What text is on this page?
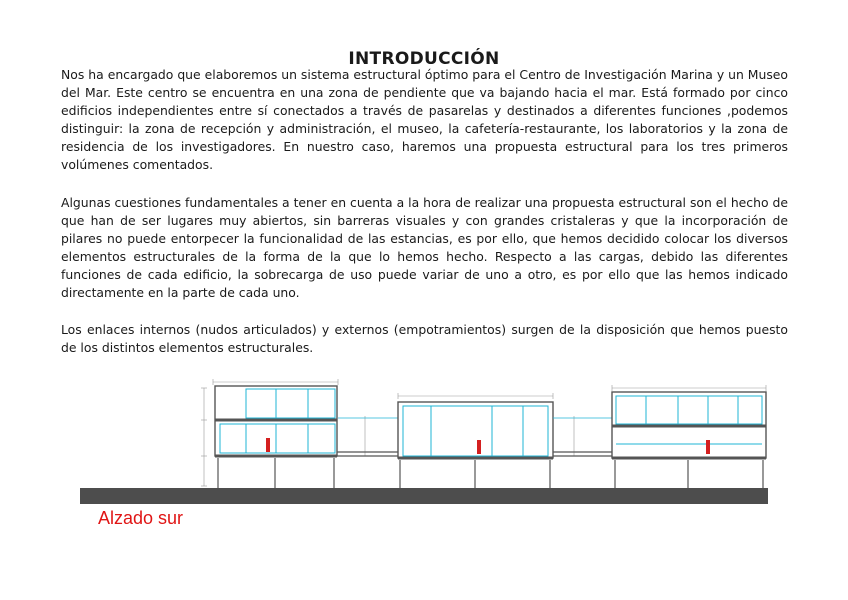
INTRODUCCIÓN

Nos ha encargado que elaboremos un sistema estructural óptimo para el Centro de Investigación Marina y un Museo del Mar. Este centro se encuentra en una zona de pendiente que va bajando hacia el mar. Está formado por cinco edificios independientes entre sí conectados a través de pasarelas y destinados a diferentes funciones ,podemos distinguir: la zona de recepción y administración, el museo, la cafetería-restaurante, los laboratorios y la zona de residencia de los investigadores. En nuestro caso, haremos una propuesta estructural para los tres primeros volúmenes comentados.

Algunas cuestiones fundamentales a tener en cuenta a la hora de realizar una propuesta estructural son el hecho de que han de ser lugares muy abiertos, sin barreras visuales y con grandes cristaleras y que la incorporación de pilares no puede entorpecer la funcionalidad de las estancias, es por ello, que hemos decidido colocar los diversos elementos estructurales de la forma de la que lo hemos hecho. Respecto a las cargas, debido las diferentes funciones de cada edificio, la sobrecarga de uso puede variar de uno a otro, es por ello que las hemos indicado directamente en la parte de cada uno.

Los enlaces internos (nudos articulados) y externos (empotramientos) surgen de la disposición que hemos puesto de los distintos elementos estructurales.

Alzado sur
